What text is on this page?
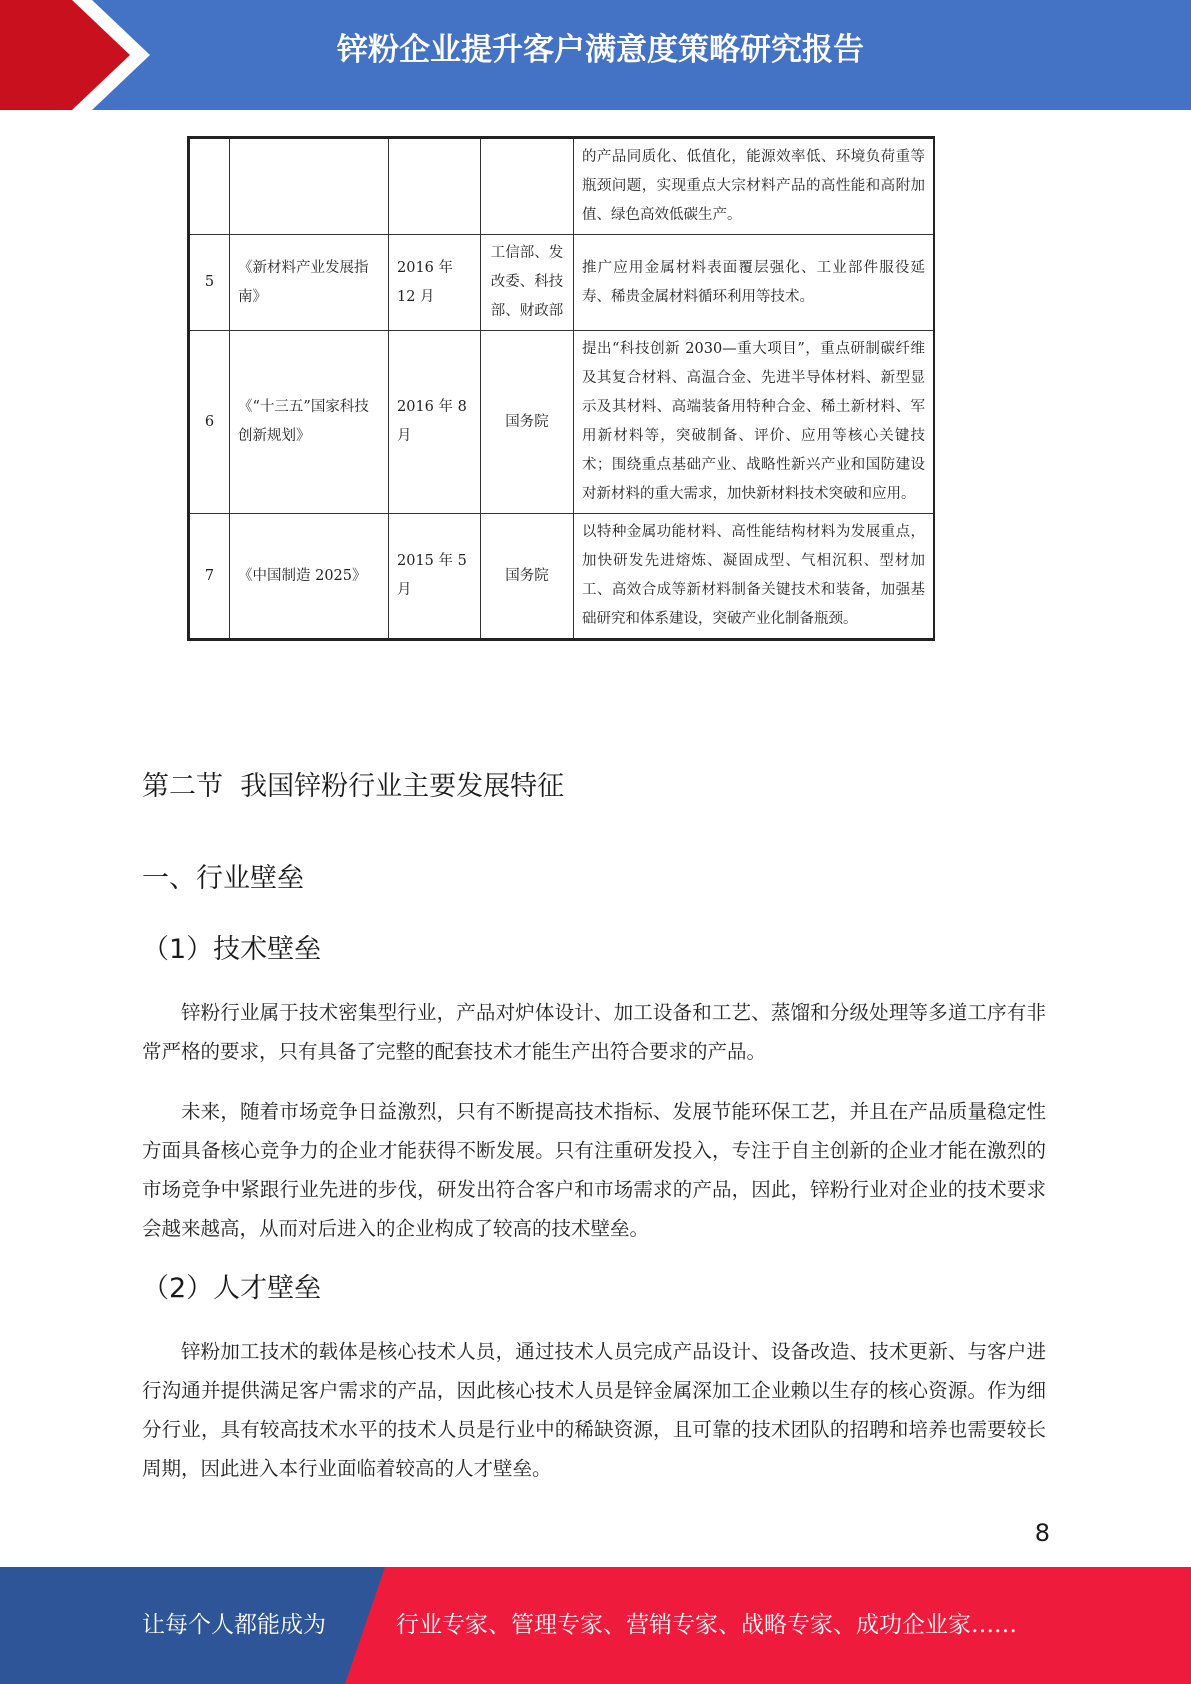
锌粉企业提升客户满意度策略研究报告
				的产品同质化、低值化，能源效率低、环境负荷重等瓶颈问题，实现重点大宗材料产品的高性能和高附加值、绿色高效低碳生产。
5	《新材料产业发展指南》	2016 年 12 月	工信部、发改委、科技部、财政部	推广应用金属材料表面覆层强化、工业部件服役延寿、稀贵金属材料循环利用等技术。
6	《“十三五”国家科技创新规划》	2016 年 8 月	国务院	提出“科技创新 2030—重大项目”，重点研制碳纤维及其复合材料、高温合金、先进半导体材料、新型显示及其材料、高端装备用特种合金、稀土新材料、军用新材料等，突破制备、评价、应用等核心关键技术；围绕重点基础产业、战略性新兴产业和国防建设对新材料的重大需求，加快新材料技术突破和应用。
7	《中国制造 2025》	2015 年 5 月	国务院	以特种金属功能材料、高性能结构材料为发展重点，加快研发先进熔炼、凝固成型、气相沉积、型材加工、高效合成等新材料制备关键技术和装备，加强基础研究和体系建设，突破产业化制备瓶颈。
第二节  我国锌粉行业主要发展特征
一、行业壁垒
（1）技术壁垒

锌粉行业属于技术密集型行业，产品对炉体设计、加工设备和工艺、蒸馏和分级处理等多道工序有非常严格的要求，只有具备了完整的配套技术才能生产出符合要求的产品。

未来，随着市场竞争日益激烈，只有不断提高技术指标、发展节能环保工艺，并且在产品质量稳定性方面具备核心竞争力的企业才能获得不断发展。只有注重研发投入，专注于自主创新的企业才能在激烈的市场竞争中紧跟行业先进的步伐，研发出符合客户和市场需求的产品，因此，锌粉行业对企业的技术要求会越来越高，从而对后进入的企业构成了较高的技术壁垒。

（2）人才壁垒

锌粉加工技术的载体是核心技术人员，通过技术人员完成产品设计、设备改造、技术更新、与客户进行沟通并提供满足客户需求的产品，因此核心技术人员是锌金属深加工企业赖以生存的核心资源。作为细分行业，具有较高技术水平的技术人员是行业中的稀缺资源，且可靠的技术团队的招聘和培养也需要较长周期，因此进入本行业面临着较高的人才壁垒。

8
让每个人都能成为	行业专家、管理专家、营销专家、战略专家、成功企业家……
